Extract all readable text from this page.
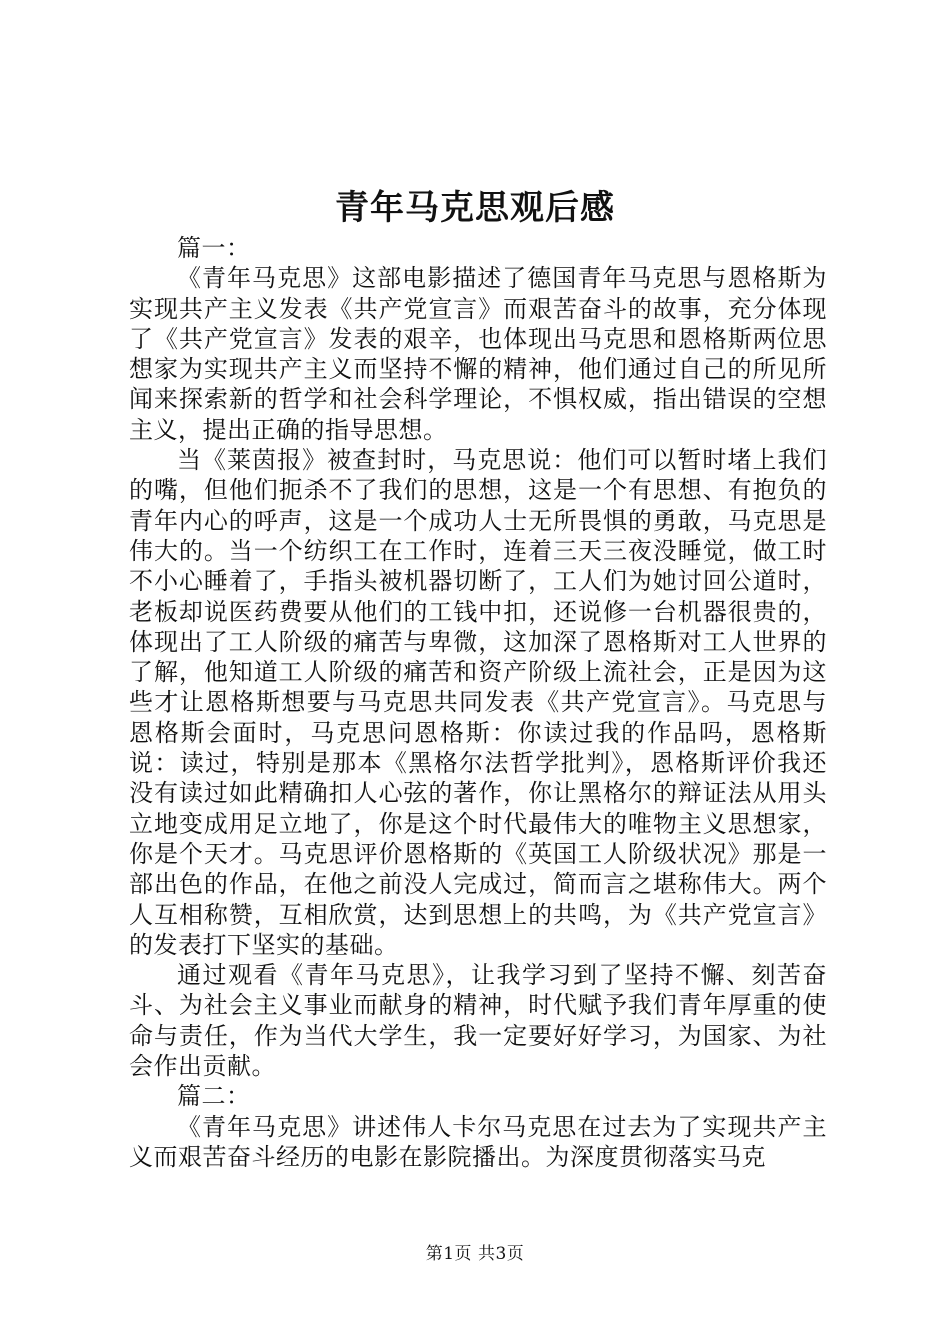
青年马克思观后感

篇一：

《青年马克思》这部电影描述了德国青年马克思与恩格斯为实现共产主义发表《共产党宣言》而艰苦奋斗的故事，充分体现了《共产党宣言》发表的艰辛，也体现出马克思和恩格斯两位思想家为实现共产主义而坚持不懈的精神，他们通过自己的所见所闻来探索新的哲学和社会科学理论，不惧权威，指出错误的空想主义，提出正确的指导思想。

当《莱茵报》被查封时，马克思说：他们可以暂时堵上我们的嘴，但他们扼杀不了我们的思想，这是一个有思想、有抱负的青年内心的呼声，这是一个成功人士无所畏惧的勇敢，马克思是伟大的。当一个纺织工在工作时，连着三天三夜没睡觉，做工时不小心睡着了，手指头被机器切断了，工人们为她讨回公道时，老板却说医药费要从他们的工钱中扣，还说修一台机器很贵的，体现出了工人阶级的痛苦与卑微，这加深了恩格斯对工人世界的了解，他知道工人阶级的痛苦和资产阶级上流社会，正是因为这些才让恩格斯想要与马克思共同发表《共产党宣言》。马克思与恩格斯会面时，马克思问恩格斯：你读过我的作品吗，恩格斯说：读过，特别是那本《黑格尔法哲学批判》，恩格斯评价我还没有读过如此精确扣人心弦的著作，你让黑格尔的辩证法从用头立地变成用足立地了，你是这个时代最伟大的唯物主义思想家，你是个天才。马克思评价恩格斯的《英国工人阶级状况》那是一部出色的作品，在他之前没人完成过，简而言之堪称伟大。两个人互相称赞，互相欣赏，达到思想上的共鸣，为《共产党宣言》的发表打下坚实的基础。

通过观看《青年马克思》，让我学习到了坚持不懈、刻苦奋斗、为社会主义事业而献身的精神，时代赋予我们青年厚重的使命与责任，作为当代大学生，我一定要好好学习，为国家、为社会作出贡献。

篇二：

《青年马克思》讲述伟人卡尔马克思在过去为了实现共产主义而艰苦奋斗经历的电影在影院播出。为深度贯彻落实马克

第1页 共3页
